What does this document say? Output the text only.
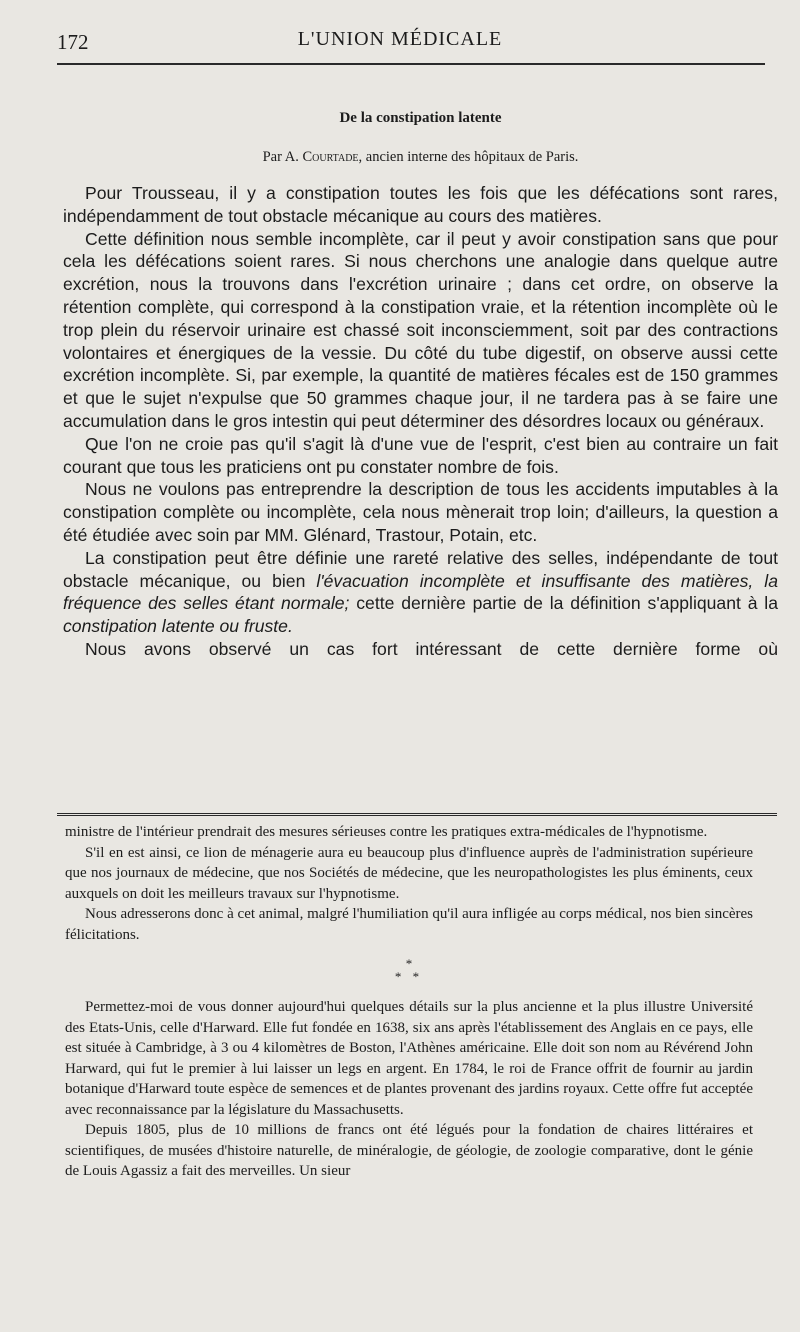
172	L'UNION MÉDICALE

De la constipation latente

Par A. Courtade, ancien interne des hôpitaux de Paris.

Pour Trousseau, il y a constipation toutes les fois que les défécations sont rares, indépendamment de tout obstacle mécanique au cours des matières.

Cette définition nous semble incomplète, car il peut y avoir constipation sans que pour cela les défécations soient rares. Si nous cherchons une analogie dans quelque autre excrétion, nous la trouvons dans l'excrétion urinaire ; dans cet ordre, on observe la rétention complète, qui correspond à la constipation vraie, et la rétention incomplète où le trop plein du réservoir urinaire est chassé soit inconsciemment, soit par des contractions volontaires et énergiques de la vessie. Du côté du tube digestif, on observe aussi cette excrétion incomplète. Si, par exemple, la quantité de matières fécales est de 150 grammes et que le sujet n'expulse que 50 grammes chaque jour, il ne tardera pas à se faire une accumulation dans le gros intestin qui peut déterminer des désordres locaux ou généraux.

Que l'on ne croie pas qu'il s'agit là d'une vue de l'esprit, c'est bien au contraire un fait courant que tous les praticiens ont pu constater nombre de fois.

Nous ne voulons pas entreprendre la description de tous les accidents imputables à la constipation complète ou incomplète, cela nous mènerait trop loin; d'ailleurs, la question a été étudiée avec soin par MM. Glénard, Trastour, Potain, etc.

La constipation peut être définie une rareté relative des selles, indépendante de tout obstacle mécanique, ou bien l'évacuation incomplète et insuffisante des matières, la fréquence des selles étant normale; cette dernière partie de la définition s'appliquant à la constipation latente ou fruste.

Nous avons observé un cas fort intéressant de cette dernière forme où

ministre de l'intérieur prendrait des mesures sérieuses contre les pratiques extra-médicales de l'hypnotisme.

S'il en est ainsi, ce lion de ménagerie aura eu beaucoup plus d'influence auprès de l'administration supérieure que nos journaux de médecine, que nos Sociétés de médecine, que les neuropathologistes les plus éminents, ceux auxquels on doit les meilleurs travaux sur l'hypnotisme.

Nous adresserons donc à cet animal, malgré l'humiliation qu'il aura infligée au corps médical, nos bien sincères félicitations.

*
* *

Permettez-moi de vous donner aujourd'hui quelques détails sur la plus ancienne et la plus illustre Université des Etats-Unis, celle d'Harward. Elle fut fondée en 1638, six ans après l'établissement des Anglais en ce pays, elle est située à Cambridge, à 3 ou 4 kilomètres de Boston, l'Athènes américaine. Elle doit son nom au Révérend John Harward, qui fut le premier à lui laisser un legs en argent. En 1784, le roi de France offrit de fournir au jardin botanique d'Harward toute espèce de semences et de plantes provenant des jardins royaux. Cette offre fut acceptée avec reconnaissance par la législature du Massachusetts.

Depuis 1805, plus de 10 millions de francs ont été légués pour la fondation de chaires littéraires et scientifiques, de musées d'histoire naturelle, de minéralogie, de géologie, de zoologie comparative, dont le génie de Louis Agassiz a fait des merveilles. Un sieur
